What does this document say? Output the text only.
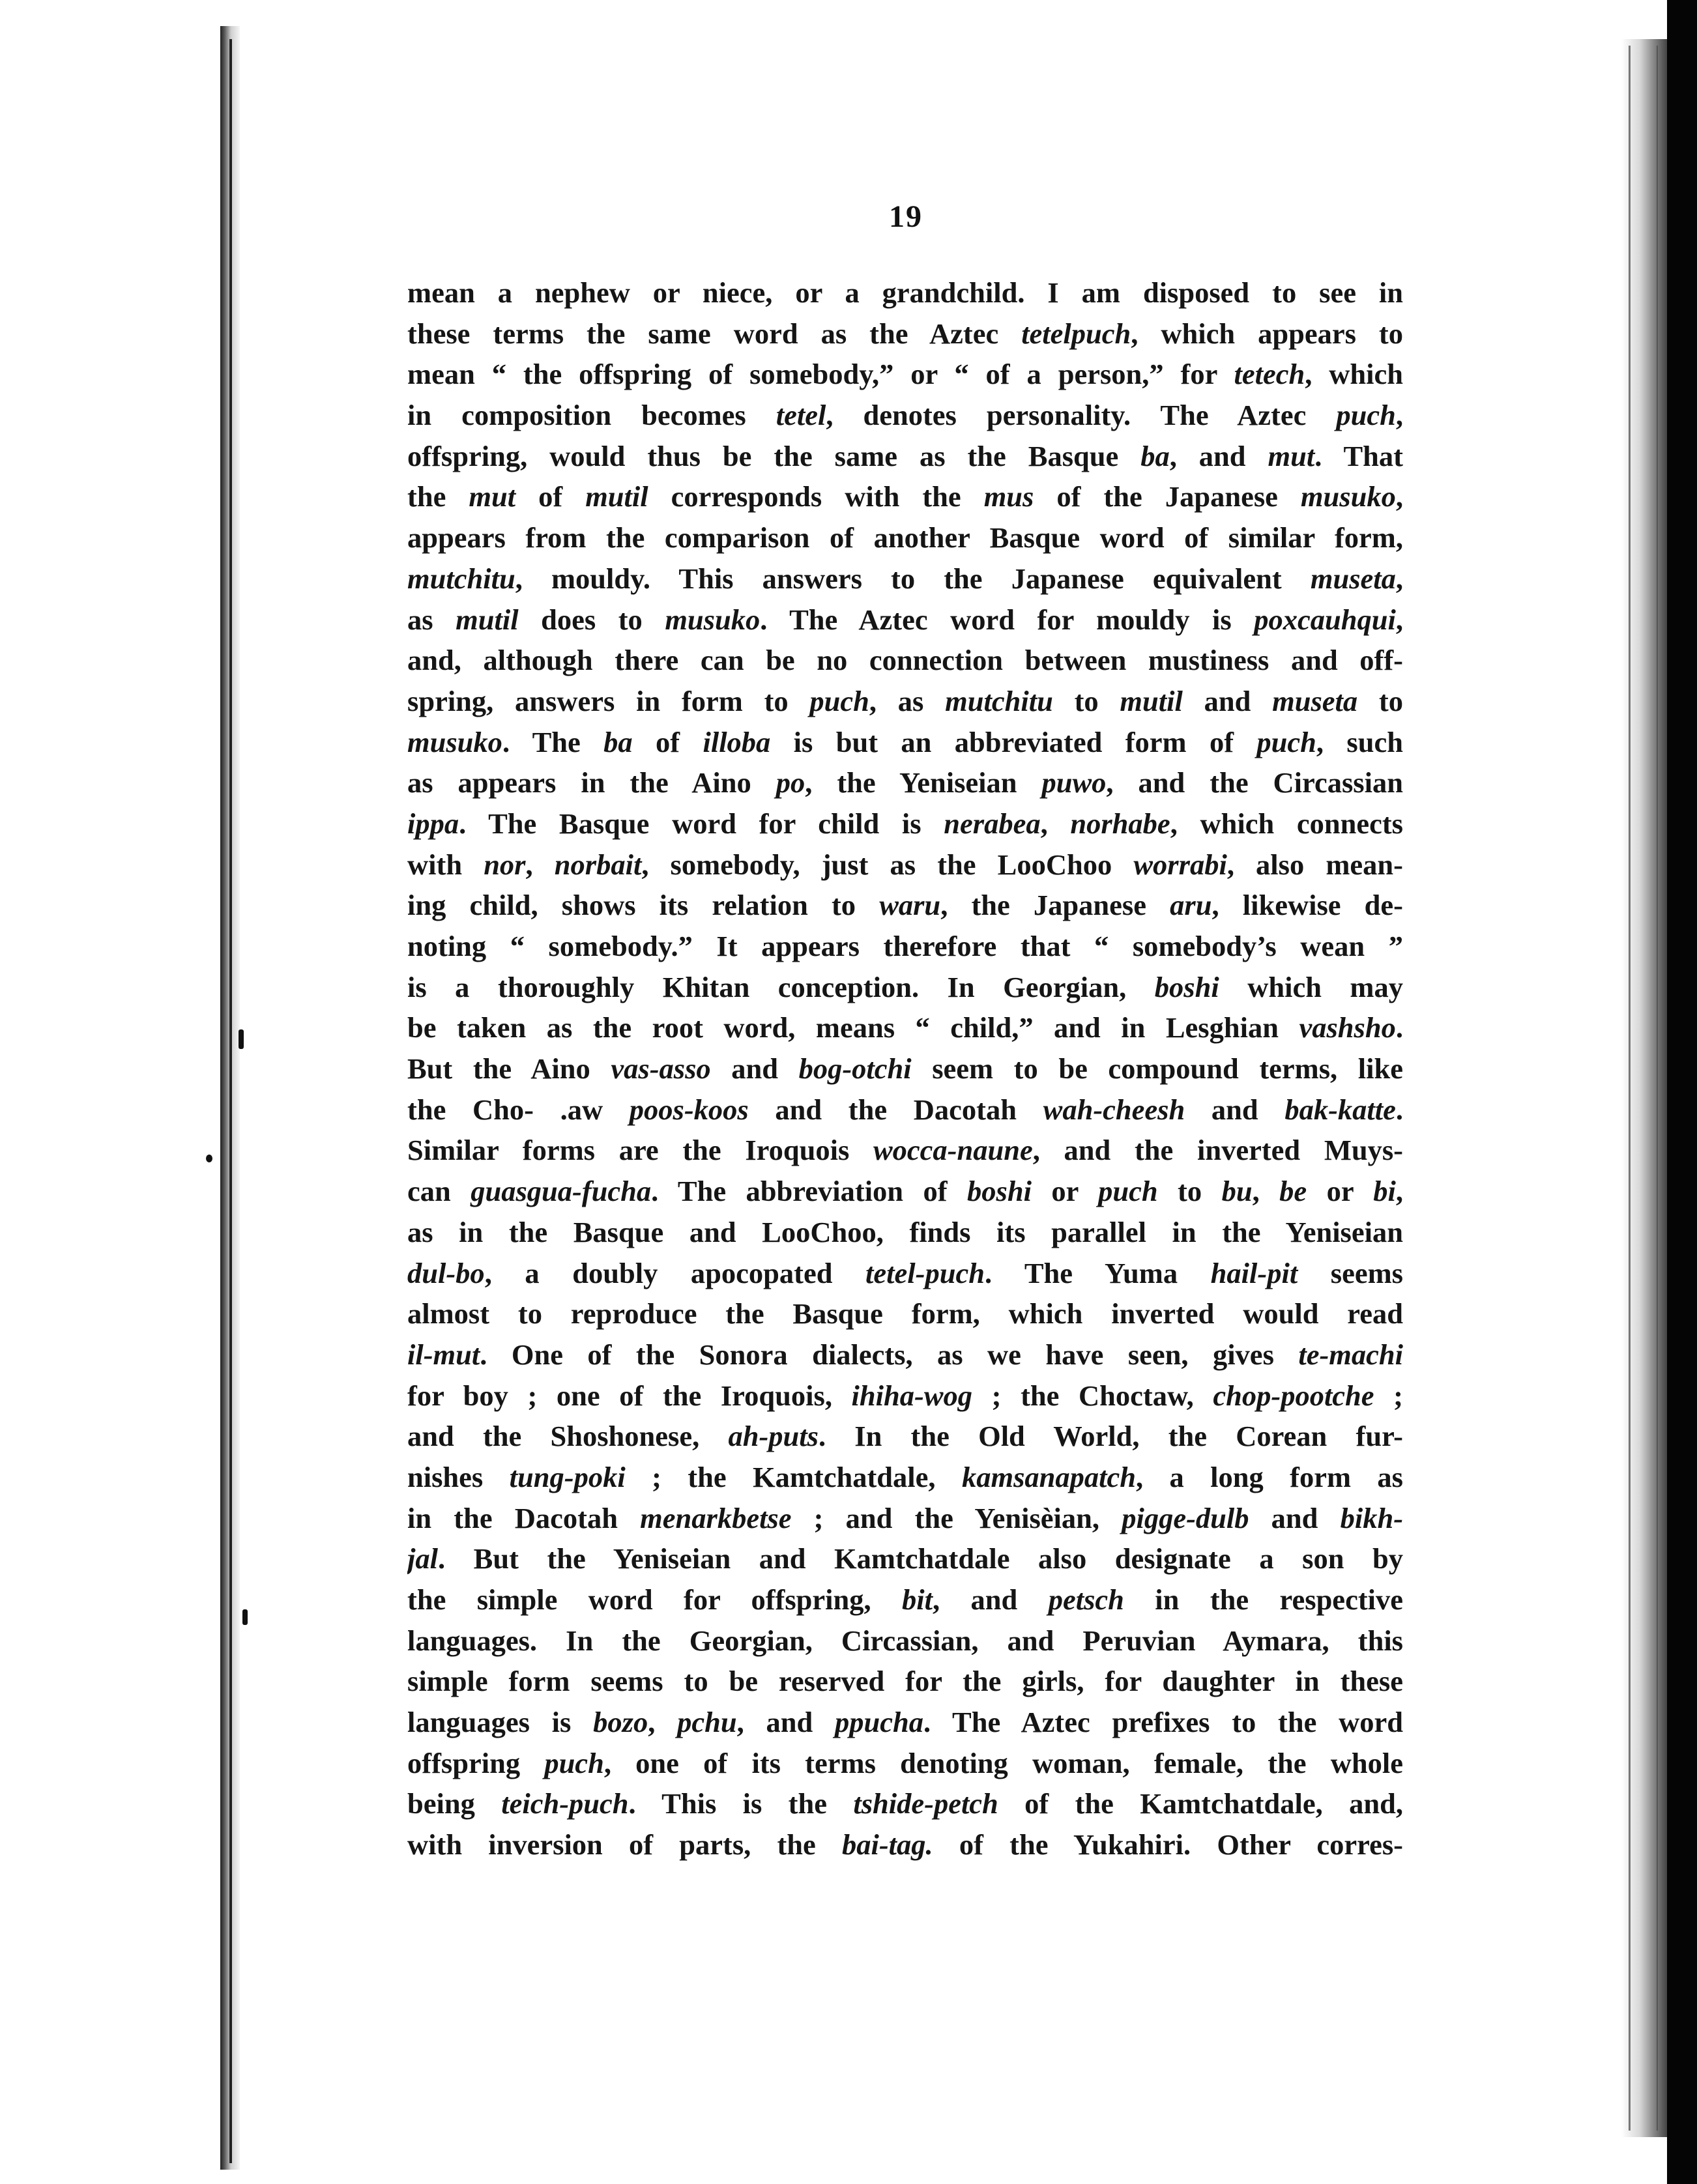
19
mean a nephew or niece, or a grandchild. I am disposed to see in
these terms the same word as the Aztec tetelpuch, which appears to
mean “ the offspring of somebody,” or “ of a person,” for tetech, which
in composition becomes tetel, denotes personality. The Aztec puch,
offspring, would thus be the same as the Basque ba, and mut. That
the mut of mutil corresponds with the mus of the Japanese musuko,
appears from the comparison of another Basque word of similar form,
mutchitu, mouldy. This answers to the Japanese equivalent museta,
as mutil does to musuko. The Aztec word for mouldy is poxcauhqui,
and, although there can be no connection between mustiness and off-
spring, answers in form to puch, as mutchitu to mutil and museta to
musuko. The ba of illoba is but an abbreviated form of puch, such
as appears in the Aino po, the Yeniseian puwo, and the Circassian
ippa. The Basque word for child is nerabea, norhabe, which connects
with nor, norbait, somebody, just as the LooChoo worrabi, also mean-
ing child, shows its relation to waru, the Japanese aru, likewise de-
noting “ somebody.” It appears therefore that “ somebody’s wean ”
is a thoroughly Khitan conception. In Georgian, boshi which may
be taken as the root word, means “ child,” and in Lesghian vashsho.
But the Aino vas-asso and bog-otchi seem to be compound terms, like
the Cho- .aw poos-koos and the Dacotah wah-cheesh and bak-katte.
Similar forms are the Iroquois wocca-naune, and the inverted Muys-
can guasgua-fucha. The abbreviation of boshi or puch to bu, be or bi,
as in the Basque and LooChoo, finds its parallel in the Yeniseian
dul-bo, a doubly apocopated tetel-puch. The Yuma hail-pit seems
almost to reproduce the Basque form, which inverted would read
il-mut. One of the Sonora dialects, as we have seen, gives te-machi
for boy ; one of the Iroquois, ihiha-wog ; the Choctaw, chop-pootche ;
and the Shoshonese, ah-puts. In the Old World, the Corean fur-
nishes tung-poki ; the Kamtchatdale, kamsanapatch, a long form as
in the Dacotah menarkbetse ; and the Yenisèian, pigge-dulb and bikh-
jal. But the Yeniseian and Kamtchatdale also designate a son by
the simple word for offspring, bit, and petsch in the respective
languages. In the Georgian, Circassian, and Peruvian Aymara, this
simple form seems to be reserved for the girls, for daughter in these
languages is bozo, pchu, and ppucha. The Aztec prefixes to the word
offspring puch, one of its terms denoting woman, female, the whole
being teich-puch. This is the tshide-petch of the Kamtchatdale, and,
with inversion of parts, the bai-tag. of the Yukahiri. Other corres-
